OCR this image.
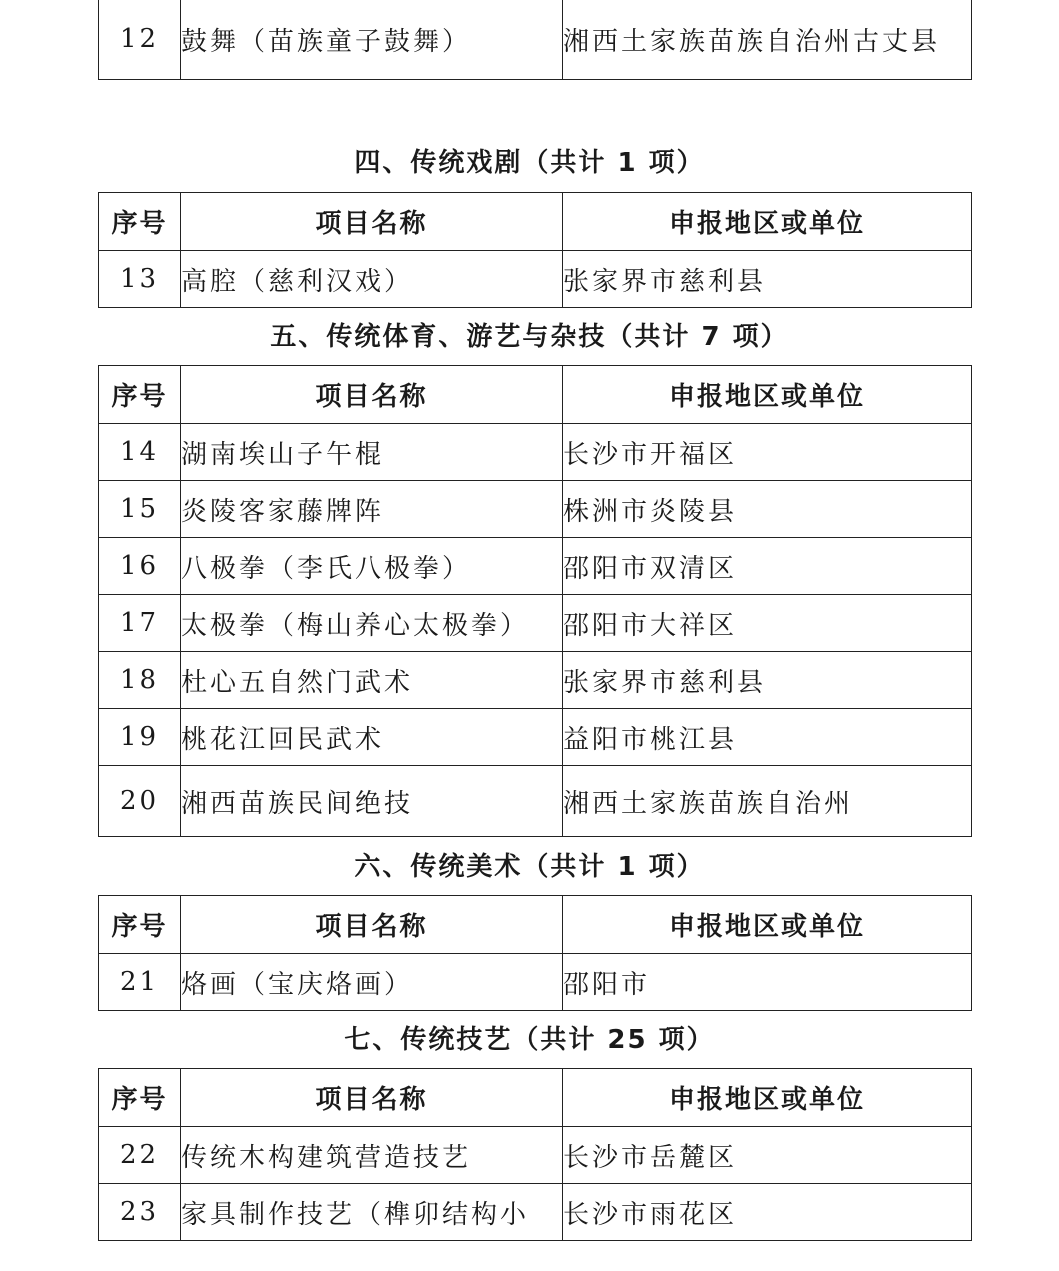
12	鼓舞（苗族童子鼓舞）	湘西土家族苗族自治州古丈县
四、传统戏剧（共计 1 项）
序号	项目名称	申报地区或单位
13	高腔（慈利汉戏）	张家界市慈利县
五、传统体育、游艺与杂技（共计 7 项）
序号	项目名称	申报地区或单位
14	湖南埃山子午棍	长沙市开福区
15	炎陵客家藤牌阵	株洲市炎陵县
16	八极拳（李氏八极拳）	邵阳市双清区
17	太极拳（梅山养心太极拳）	邵阳市大祥区
18	杜心五自然门武术	张家界市慈利县
19	桃花江回民武术	益阳市桃江县
20	湘西苗族民间绝技	湘西土家族苗族自治州
六、传统美术（共计 1 项）
序号	项目名称	申报地区或单位
21	烙画（宝庆烙画）	邵阳市
七、传统技艺（共计 25 项）
序号	项目名称	申报地区或单位
22	传统木构建筑营造技艺	长沙市岳麓区
23	家具制作技艺（榫卯结构小	长沙市雨花区
